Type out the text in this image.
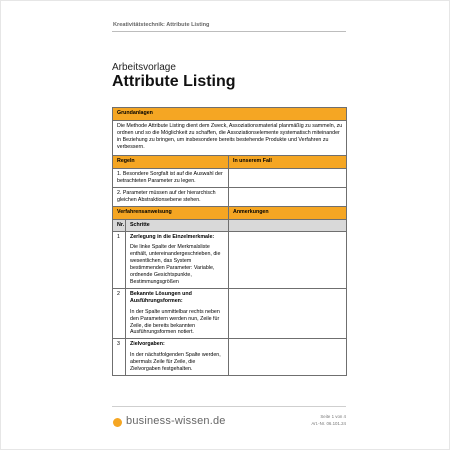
Kreativitätstechnik: Attribute Listing
Arbeitsvorlage
Attribute Listing
Grundanlagen		
Die Methode Attribute Listing dient dem Zweck, Assoziationsmaterial planmäßig zu sammeln, zu ordnen und so die Möglichkeit zu schaffen, die Assoziationselemente systematisch miteinander in Beziehung zu bringen, um insbesondere bereits bestehende Produkte und Verfahren zu verbessern.		
Regeln		In unserem Fall
1. Besondere Sorgfalt ist auf die Auswahl der betrachteten Parameter zu legen.		
2. Parameter müssen auf der hierarchisch gleichen Abstraktionsebene stehen.		
Verfahrensanweisung		Anmerkungen
Nr.	Schritte	
1	Zerlegung in die Einzelmerkmale:
Die linke Spalte der Merkmalsliste enthält, untereinandergeschrieben, die wesentlichen, das System bestimmenden Parameter: Variable, ordnende Gesichtspunkte, Bestimmungsgrößen	
2	Bekannte Lösungen und Ausführungsformen:
In der Spalte unmittelbar rechts neben den Parametern werden nun, Zeile für Zeile, die bereits bekannten Ausführungsformen notiert.	
3	Zielvorgaben:
In der nächstfolgenden Spalte werden, abermals Zeile für Zeile, die Zielvorgaben festgehalten.	
business-wissen.de	Seite 1 von 4
Art.-Nr. 06.101.24
